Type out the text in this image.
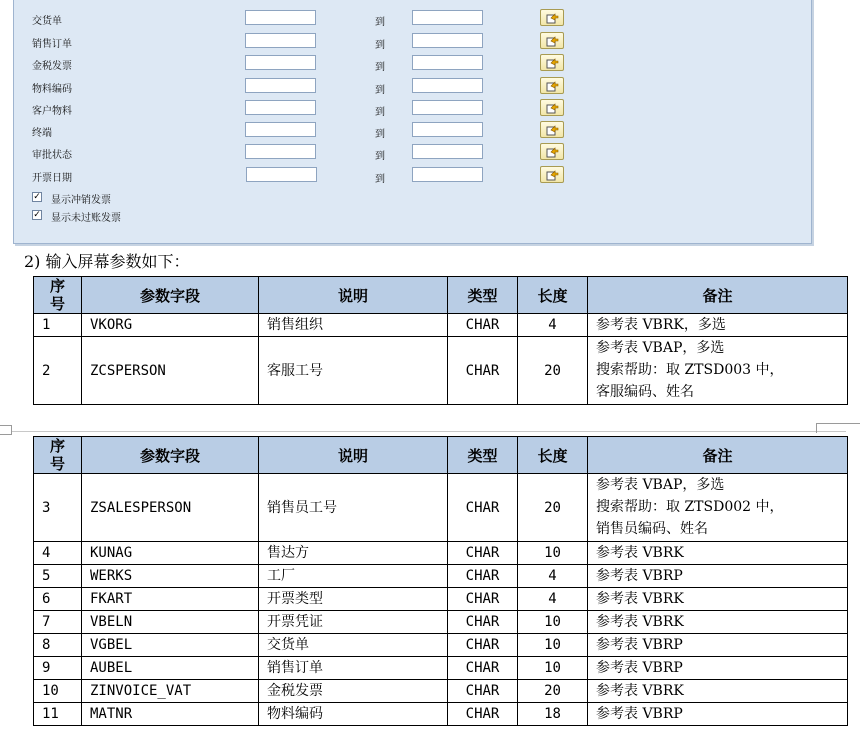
交货单	到
销售订单	到
金税发票	到
物料编码	到
客户物料	到
终端	到
审批状态	到
开票日期	到
✓ 显示冲销发票
✓ 显示未过账发票
2) 输入屏幕参数如下：
序
号	参数字段	说明	类型	长度	备注
1	VKORG	销售组织	CHAR	4	参考表 VBRK，多选

2	ZCSPERSON	客服工号	CHAR	20	参考表 VBAP，多选
搜索帮助：取 ZTSD003 中，
客服编码、姓名
序
号	参数字段	说明	类型	长度	备注
3	ZSALESPERSON	销售员工号	CHAR	20	参考表 VBAP，多选
搜索帮助：取 ZTSD002 中，
销售员编码、姓名

4	KUNAG	售达方	CHAR	10	参考表 VBRK

5	WERKS	工厂	CHAR	4	参考表 VBRP

6	FKART	开票类型	CHAR	4	参考表 VBRK

7	VBELN	开票凭证	CHAR	10	参考表 VBRK

8	VGBEL	交货单	CHAR	10	参考表 VBRP

9	AUBEL	销售订单	CHAR	10	参考表 VBRP

10	ZINVOICE_VAT	金税发票	CHAR	20	参考表 VBRK

11	MATNR	物料编码	CHAR	18	参考表 VBRP
